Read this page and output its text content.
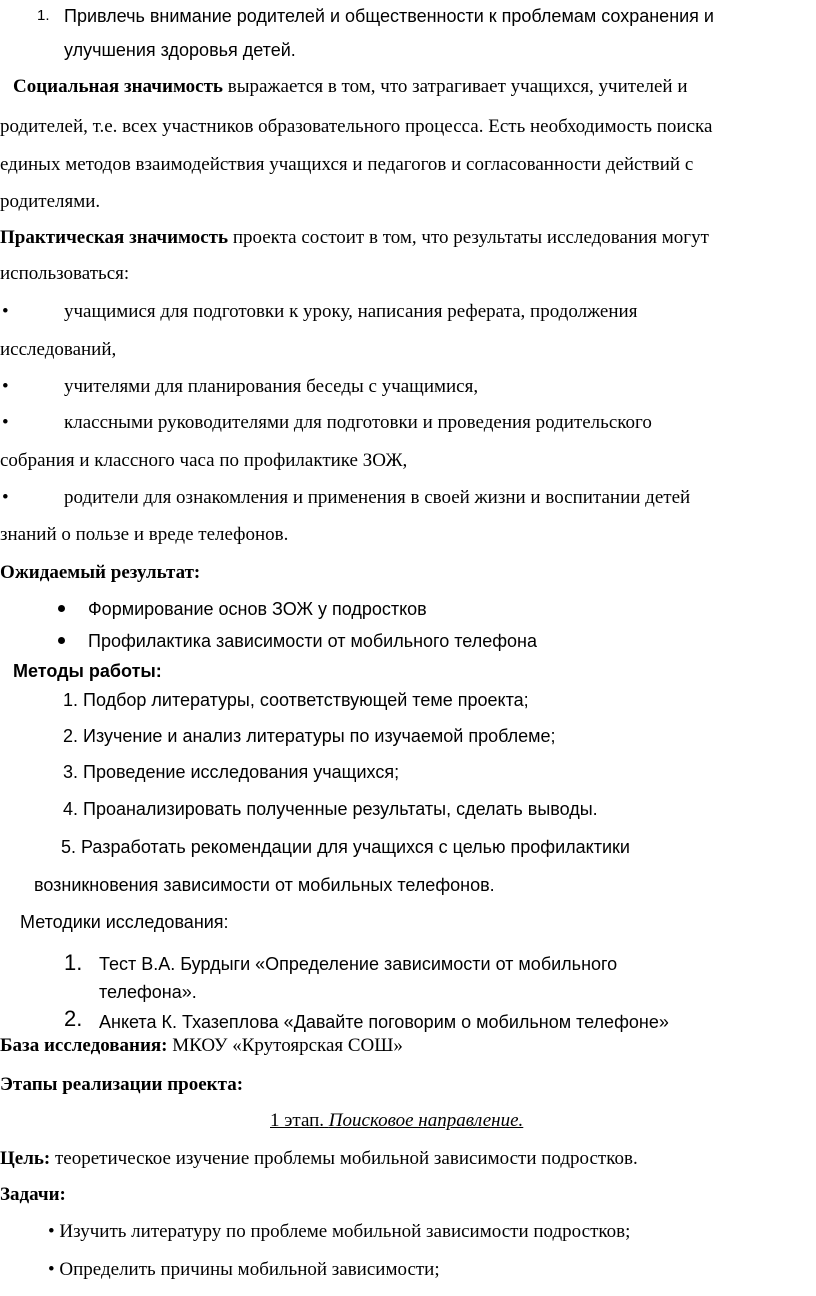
1. Привлечь внимание родителей и общественности к проблемам сохранения и
улучшения здоровья детей.
Социальная значимость выражается в том, что затрагивает учащихся, учителей и
родителей, т.е. всех участников образовательного процесса. Есть необходимость поиска
единых методов взаимодействия учащихся и педагогов и согласованности действий с
родителями.
Практическая значимость проекта состоит в том, что результаты исследования могут
использоваться:
•	учащимися для подготовки к уроку, написания реферата, продолжения
исследований,
•	учителями для планирования беседы с учащимися,
•	классными руководителями для подготовки и проведения родительского
собрания и классного часа по профилактике ЗОЖ,
•	родители для ознакомления и применения в своей жизни и воспитании детей
знаний о пользе и вреде телефонов.
Ожидаемый результат:
Формирование основ ЗОЖ у подростков
Профилактика зависимости от мобильного телефона
Методы работы:
1. Подбор литературы, соответствующей теме проекта;
2. Изучение и анализ литературы по изучаемой проблеме;
3. Проведение исследования учащихся;
4. Проанализировать полученные результаты, сделать выводы.
5. Разработать рекомендации для учащихся с целью профилактики
возникновения зависимости от мобильных телефонов.
Методики исследования:
1. Тест В.А. Бурдыги «Определение зависимости от мобильного
телефона».
2. Анкета К. Тхазеплова «Давайте поговорим о мобильном телефоне»
База исследования: МКОУ «Крутоярская СОШ»
Этапы реализации проекта:
1 этап. Поисковое направление.
Цель: теоретическое изучение проблемы мобильной зависимости подростков.
Задачи:
• Изучить литературу по проблеме мобильной зависимости подростков;
• Определить причины мобильной зависимости;
